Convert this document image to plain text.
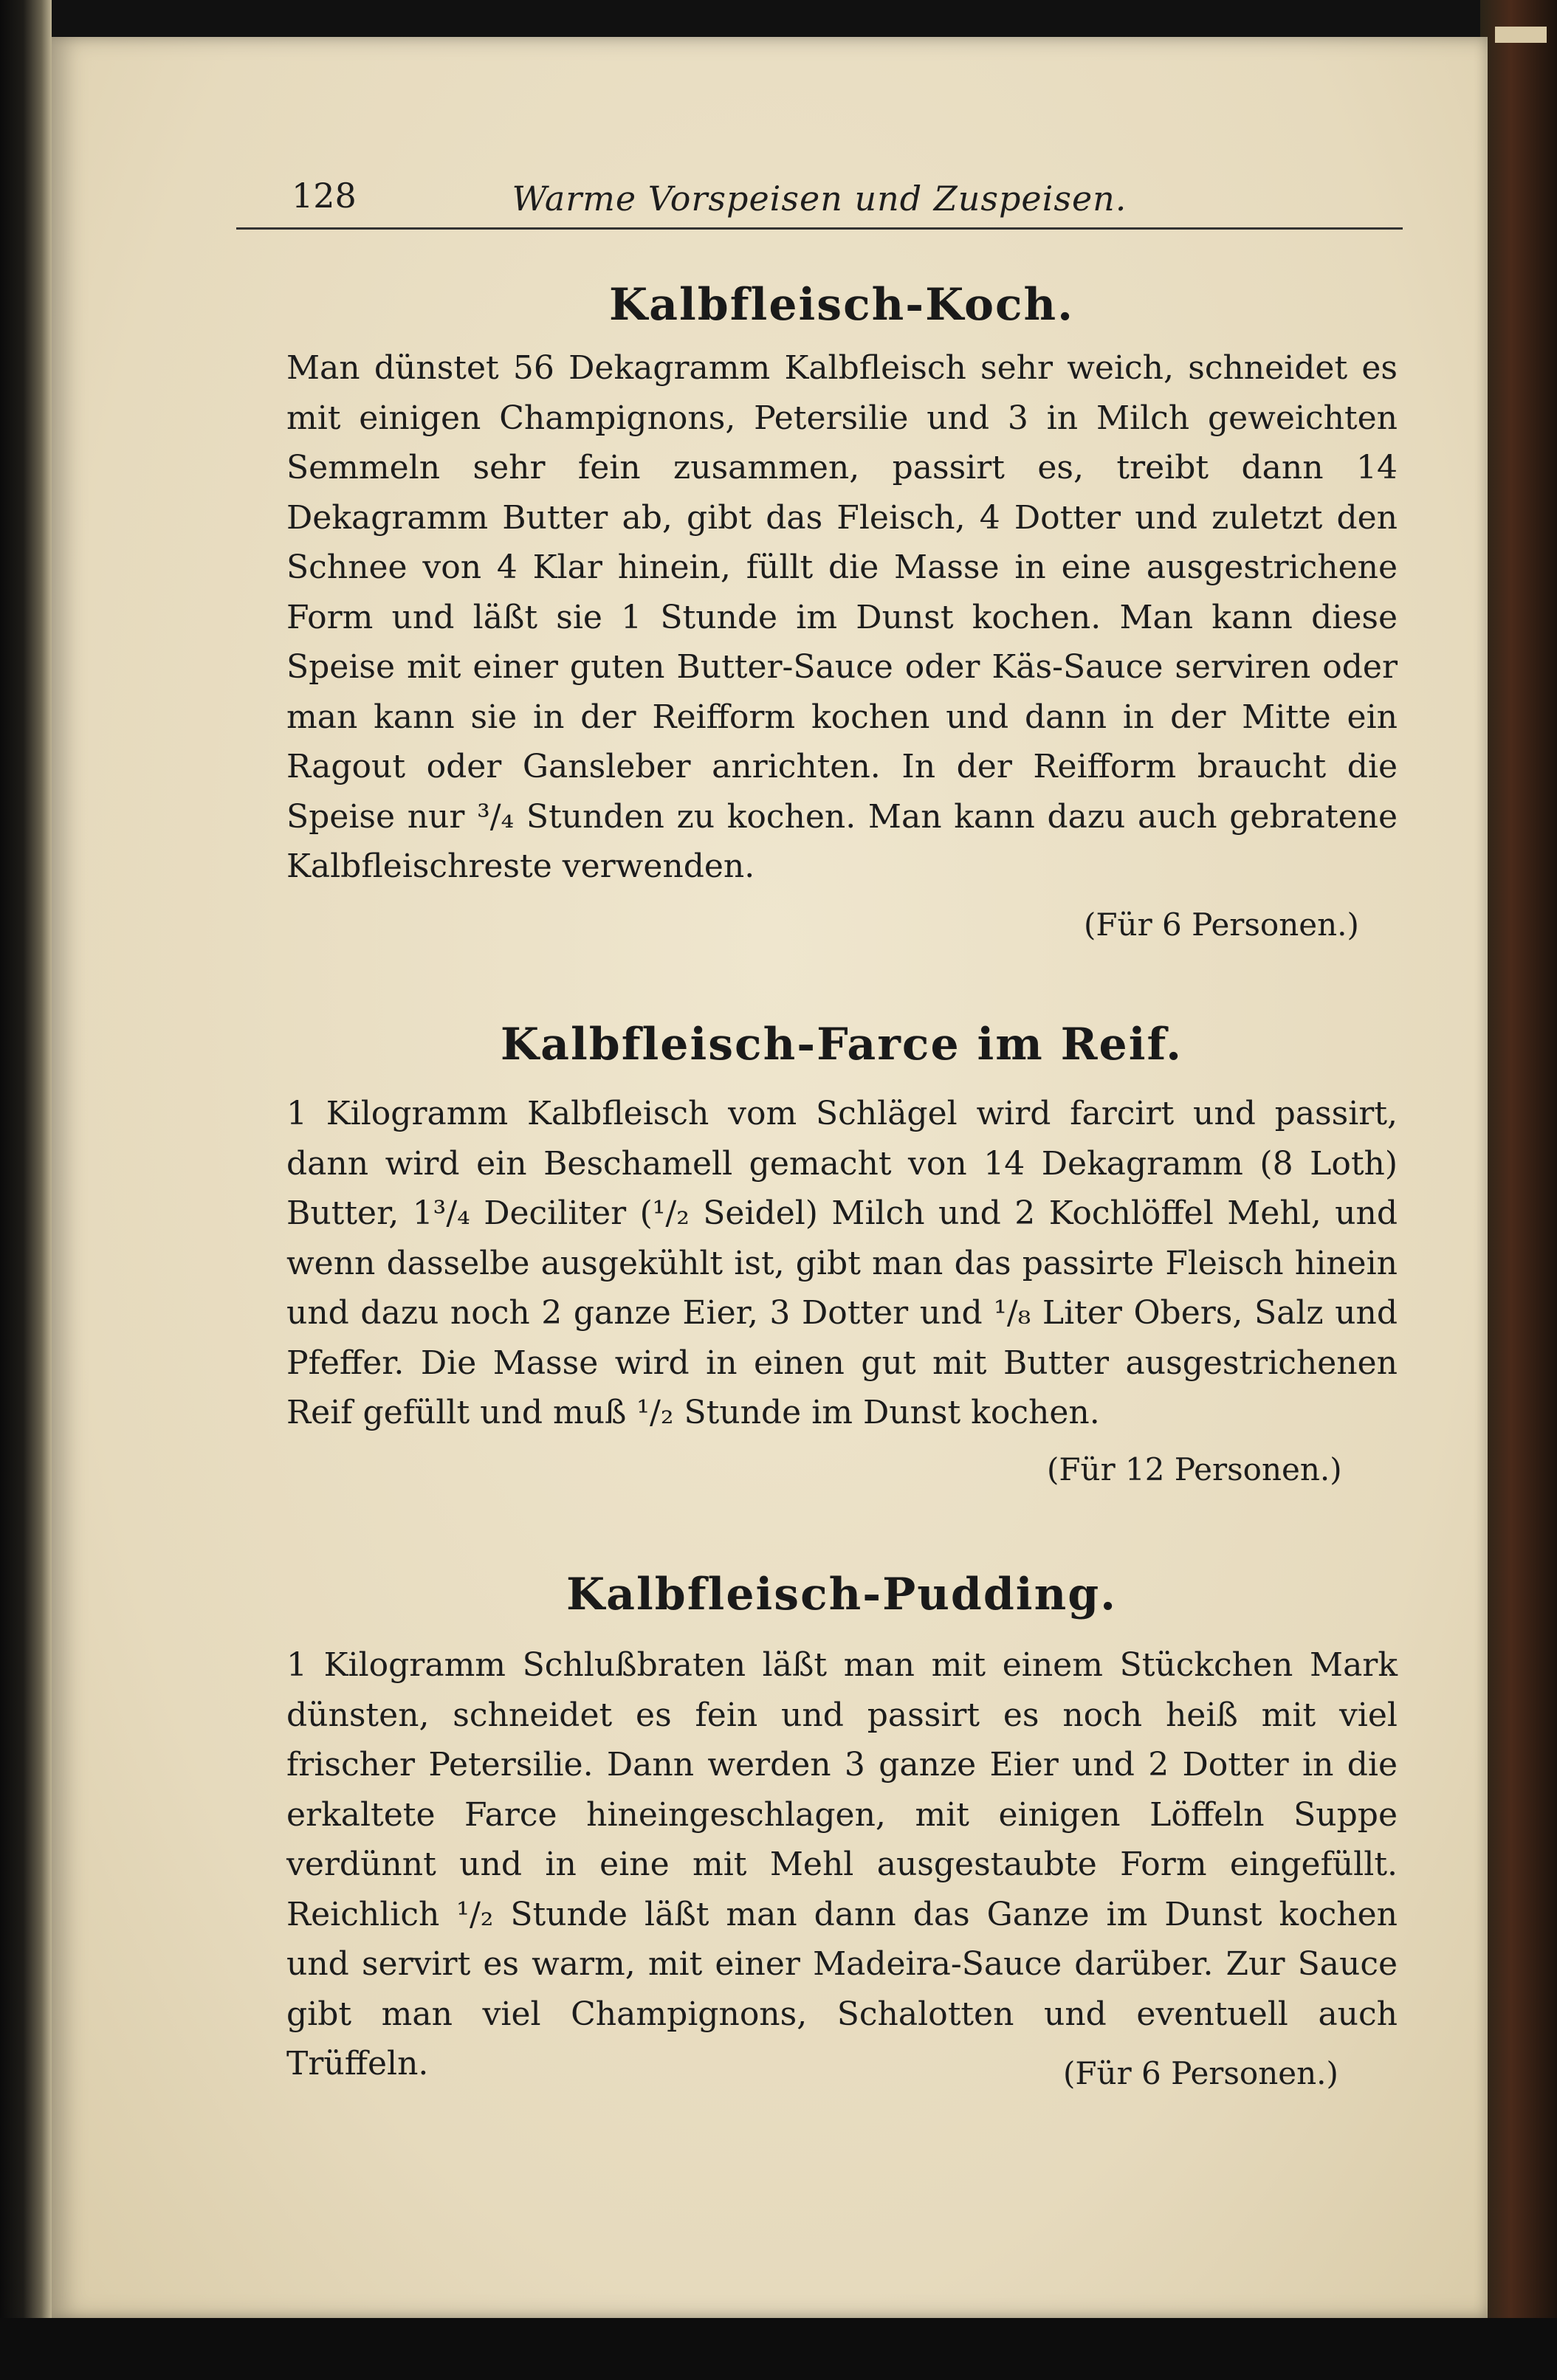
128	Warme Vorspeisen und Zuspeisen.
Kalbfleisch-Koch.

Man dünstet 56 Dekagramm Kalbfleisch sehr weich, schneidet es mit einigen Champignons, Petersilie und 3 in Milch geweichten Semmeln sehr fein zusammen, passirt es, treibt dann 14 Dekagramm Butter ab, gibt das Fleisch, 4 Dotter und zuletzt den Schnee von 4 Klar hinein, füllt die Masse in eine ausgestrichene Form und läßt sie 1 Stunde im Dunst kochen. Man kann diese Speise mit einer guten Butter-Sauce oder Käs-Sauce serviren oder man kann sie in der Reifform kochen und dann in der Mitte ein Ragout oder Gansleber anrichten. In der Reifform braucht die Speise nur ³/₄ Stunden zu kochen. Man kann dazu auch gebratene Kalbfleischreste verwenden.

(Für 6 Personen.)
Kalbfleisch-Farce im Reif.

1 Kilogramm Kalbfleisch vom Schlägel wird farcirt und passirt, dann wird ein Beschamell gemacht von 14 Dekagramm (8 Loth) Butter, 1³/₄ Deciliter (¹/₂ Seidel) Milch und 2 Kochlöffel Mehl, und wenn dasselbe ausgekühlt ist, gibt man das passirte Fleisch hinein und dazu noch 2 ganze Eier, 3 Dotter und ¹/₈ Liter Obers, Salz und Pfeffer. Die Masse wird in einen gut mit Butter ausgestrichenen Reif gefüllt und muß ¹/₂ Stunde im Dunst kochen.

(Für 12 Personen.)
Kalbfleisch-Pudding.

1 Kilogramm Schlußbraten läßt man mit einem Stückchen Mark dünsten, schneidet es fein und passirt es noch heiß mit viel frischer Petersilie. Dann werden 3 ganze Eier und 2 Dotter in die erkaltete Farce hineingeschlagen, mit einigen Löffeln Suppe verdünnt und in eine mit Mehl ausgestaubte Form eingefüllt. Reichlich ¹/₂ Stunde läßt man dann das Ganze im Dunst kochen und servirt es warm, mit einer Madeira-Sauce darüber. Zur Sauce gibt man viel Champignons, Schalotten und eventuell auch Trüffeln.	(Für 6 Personen.)
